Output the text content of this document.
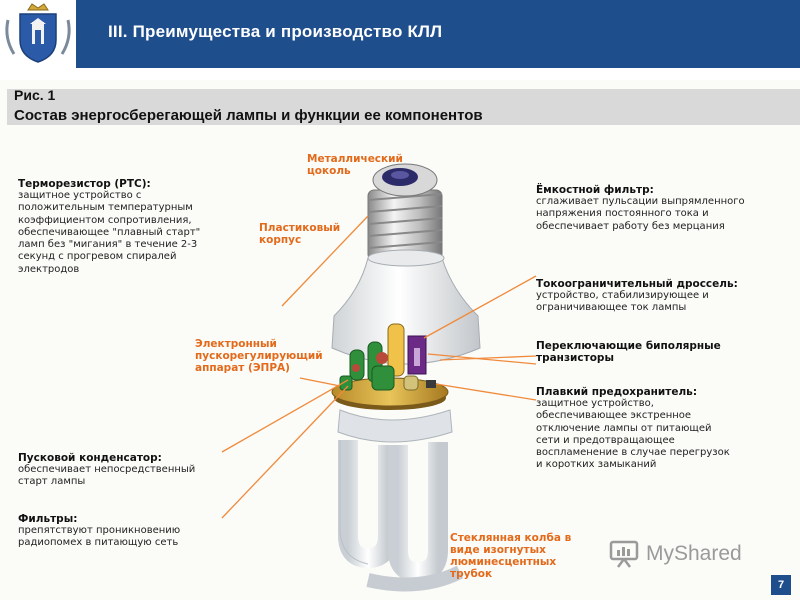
III. Преимущества и производство КЛЛ
Рис. 1
Состав энергосберегающей лампы и функции ее компонентов
Терморезистор (PTC):
защитное устройство с
положительным температурным
коэффициентом сопротивления,
обеспечивающее "плавный старт"
ламп без "мигания" в течение 2-3
секунд с прогревом спиралей
электродов
Пусковой конденсатор:
обеспечивает непосредственный
старт лампы
Фильтры:
препятствуют проникновению
радиопомех в питающую сеть
Металлический
цоколь
Пластиковый
корпус
Электронный
пускорегулирующий
аппарат (ЭПРА)
Стеклянная колба в
виде изогнутых
люминесцентных
трубок
Ёмкостной фильтр:
сглаживает пульсации выпрямленного
напряжения постоянного тока и
обеспечивает работу без мерцания
Токоограничительный дроссель:
устройство, стабилизирующее и
ограничивающее ток лампы
Переключающие биполярные
транзисторы
Плавкий предохранитель:
защитное устройство,
обеспечивающее экстренное
отключение лампы от питающей
сети и предотвращающее
воспламенение в случае перегрузок
и коротких замыканий
MyShared
7
